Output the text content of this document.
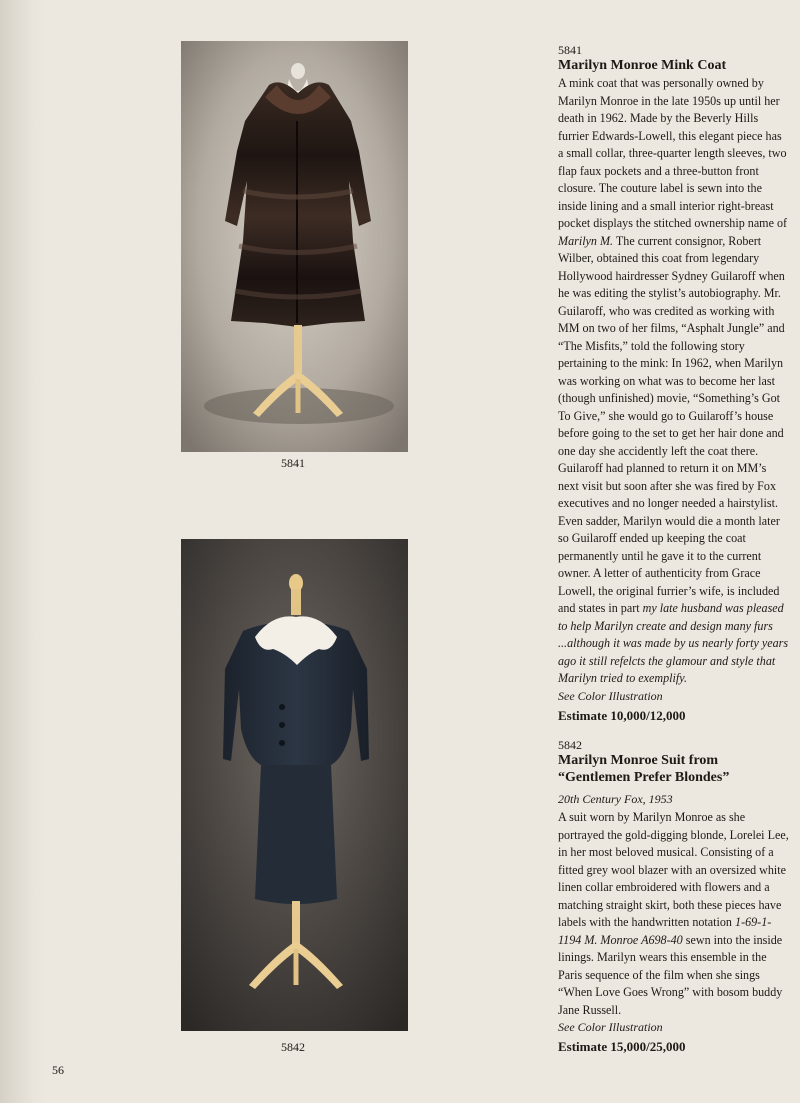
5841
5842
5841
Marilyn Monroe Mink Coat
A mink coat that was personally owned by Marilyn Monroe in the late 1950s up until her death in 1962. Made by the Beverly Hills furrier Edwards-Lowell, this elegant piece has a small collar, three-quarter length sleeves, two flap faux pockets and a three-button front closure. The couture label is sewn into the inside lining and a small interior right-breast pocket displays the stitched ownership name of Marilyn M. The current consignor, Robert Wilber, obtained this coat from legendary Hollywood hairdresser Sydney Guilaroff when he was editing the stylist’s autobiography. Mr. Guilaroff, who was credited as working with MM on two of her films, “Asphalt Jungle” and “The Misfits,” told the following story pertaining to the mink: In 1962, when Marilyn was working on what was to become her last (though unfinished) movie, “Something’s Got To Give,” she would go to Guilaroff’s house before going to the set to get her hair done and one day she accidently left the coat there. Guilaroff had planned to return it on MM’s next visit but soon after she was fired by Fox executives and no longer needed a hairstylist. Even sadder, Marilyn would die a month later so Guilaroff ended up keeping the coat permanently until he gave it to the current owner. A letter of authenticity from Grace Lowell, the original furrier’s wife, is included and states in part my late husband was pleased to help Marilyn create and design many furs ...although it was made by us nearly forty years ago it still refelcts the glamour and style that Marilyn tried to exemplify.
See Color Illustration
Estimate 10,000/12,000
5842
Marilyn Monroe Suit from
“Gentlemen Prefer Blondes”
20th Century Fox, 1953
A suit worn by Marilyn Monroe as she portrayed the gold-digging blonde, Lorelei Lee, in her most beloved musical. Consisting of a fitted grey wool blazer with an oversized white linen collar embroidered with flowers and a matching straight skirt, both these pieces have labels with the handwritten notation 1-69-1-1194 M. Monroe A698-40 sewn into the inside linings. Marilyn wears this ensemble in the Paris sequence of the film when she sings “When Love Goes Wrong” with bosom buddy Jane Russell.
See Color Illustration
Estimate 15,000/25,000
56
